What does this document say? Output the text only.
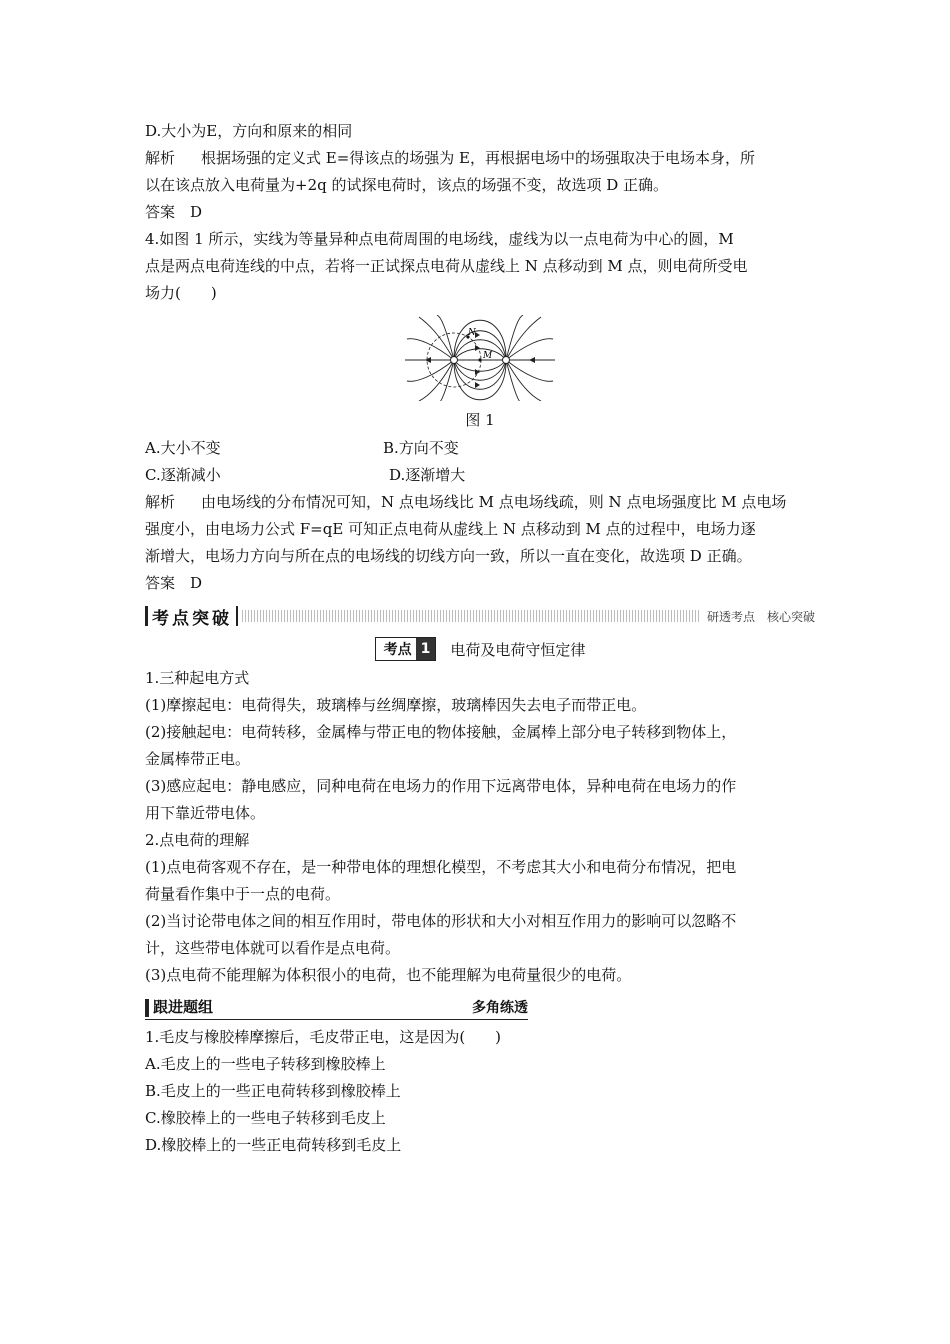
D.大小为E，方向和原来的相同
解析 根据场强的定义式 E=得该点的场强为 E，再根据电场中的场强取决于电场本身，所
以在该点放入电荷量为+2q 的试探电荷时，该点的场强不变，故选项 D 正确。
答案　D
4.如图 1 所示，实线为等量异种点电荷周围的电场线，虚线为以一点电荷为中心的圆，M
点是两点电荷连线的中点，若将一正试探点电荷从虚线上 N 点移动到 M 点，则电荷所受电
场力(　　)
N
M
图 1
A.大小不变	B.方向不变
C.逐渐减小	D.逐渐增大
解析 由电场线的分布情况可知，N 点电场线比 M 点电场线疏，则 N 点电场强度比 M 点电场
强度小，由电场力公式 F=qE 可知正点电荷从虚线上 N 点移动到 M 点的过程中，电场力逐
渐增大，电场力方向与所在点的电场线的切线方向一致，所以一直在变化，故选项 D 正确。
答案　D
考点突破	研透考点　核心突破
考点 1	电荷及电荷守恒定律
1.三种起电方式
(1)摩擦起电：电荷得失，玻璃棒与丝绸摩擦，玻璃棒因失去电子而带正电。
(2)接触起电：电荷转移，金属棒与带正电的物体接触，金属棒上部分电子转移到物体上，
金属棒带正电。
(3)感应起电：静电感应，同种电荷在电场力的作用下远离带电体，异种电荷在电场力的作
用下靠近带电体。
2.点电荷的理解
(1)点电荷客观不存在，是一种带电体的理想化模型，不考虑其大小和电荷分布情况，把电
荷量看作集中于一点的电荷。
(2)当讨论带电体之间的相互作用时，带电体的形状和大小对相互作用力的影响可以忽略不
计，这些带电体就可以看作是点电荷。
(3)点电荷不能理解为体积很小的电荷，也不能理解为电荷量很少的电荷。
跟进题组	多角练透
1.毛皮与橡胶棒摩擦后，毛皮带正电，这是因为(　　)
A.毛皮上的一些电子转移到橡胶棒上
B.毛皮上的一些正电荷转移到橡胶棒上
C.橡胶棒上的一些电子转移到毛皮上
D.橡胶棒上的一些正电荷转移到毛皮上
